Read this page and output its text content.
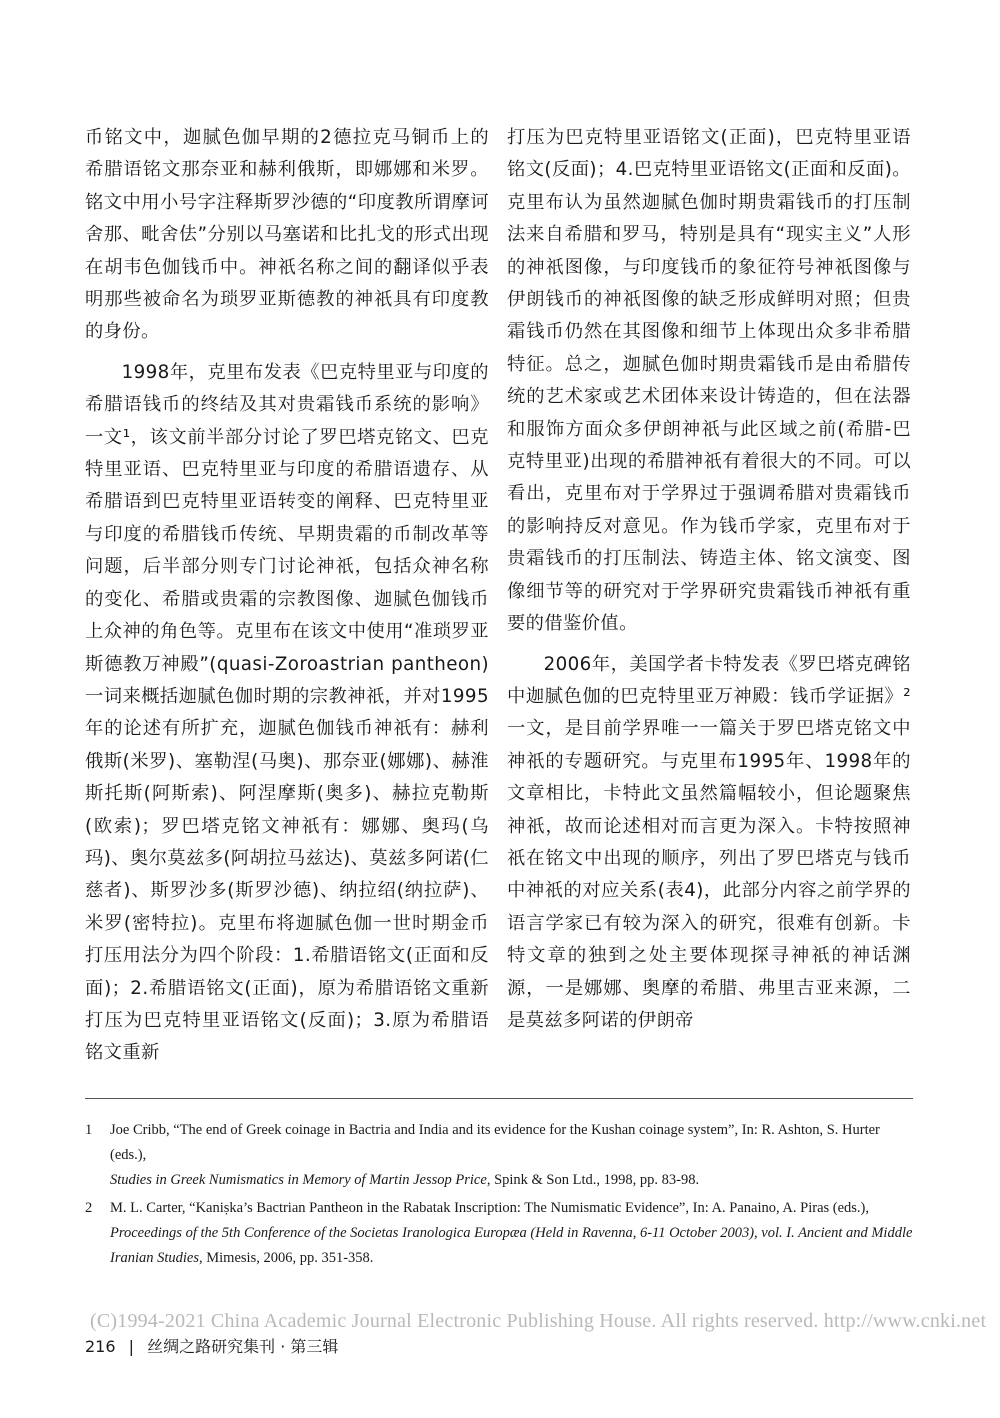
币铭文中，迦腻色伽早期的2德拉克马铜币上的希腊语铭文那奈亚和赫利俄斯，即娜娜和米罗。铭文中用小号字注释斯罗沙德的“印度教所谓摩诃舍那、毗舍佉”分别以马塞诺和比扎戈的形式出现在胡韦色伽钱币中。神祇名称之间的翻译似乎表明那些被命名为琐罗亚斯德教的神祇具有印度教的身份。

1998年，克里布发表《巴克特里亚与印度的希腊语钱币的终结及其对贵霜钱币系统的影响》一文¹，该文前半部分讨论了罗巴塔克铭文、巴克特里亚语、巴克特里亚与印度的希腊语遗存、从希腊语到巴克特里亚语转变的阐释、巴克特里亚与印度的希腊钱币传统、早期贵霜的币制改革等问题，后半部分则专门讨论神祇，包括众神名称的变化、希腊或贵霜的宗教图像、迦腻色伽钱币上众神的角色等。克里布在该文中使用“准琐罗亚斯德教万神殿”(quasi-Zoroastrian pantheon)一词来概括迦腻色伽时期的宗教神祇，并对1995年的论述有所扩充，迦腻色伽钱币神祇有：赫利俄斯(米罗)、塞勒涅(马奥)、那奈亚(娜娜)、赫淮斯托斯(阿斯索)、阿涅摩斯(奥多)、赫拉克勒斯(欧索)；罗巴塔克铭文神祇有：娜娜、奥玛(乌玛)、奥尔莫兹多(阿胡拉马兹达)、莫兹多阿诺(仁慈者)、斯罗沙多(斯罗沙德)、纳拉绍(纳拉萨)、米罗(密特拉)。克里布将迦腻色伽一世时期金币打压用法分为四个阶段：1.希腊语铭文(正面和反面)；2.希腊语铭文(正面)，原为希腊语铭文重新打压为巴克特里亚语铭文(反面)；3.原为希腊语铭文重新

打压为巴克特里亚语铭文(正面)，巴克特里亚语铭文(反面)；4.巴克特里亚语铭文(正面和反面)。克里布认为虽然迦腻色伽时期贵霜钱币的打压制法来自希腊和罗马，特别是具有“现实主义”人形的神祇图像，与印度钱币的象征符号神祇图像与伊朗钱币的神祇图像的缺乏形成鲜明对照；但贵霜钱币仍然在其图像和细节上体现出众多非希腊特征。总之，迦腻色伽时期贵霜钱币是由希腊传统的艺术家或艺术团体来设计铸造的，但在法器和服饰方面众多伊朗神祇与此区域之前(希腊-巴克特里亚)出现的希腊神祇有着很大的不同。可以看出，克里布对于学界过于强调希腊对贵霜钱币的影响持反对意见。作为钱币学家，克里布对于贵霜钱币的打压制法、铸造主体、铭文演变、图像细节等的研究对于学界研究贵霜钱币神祇有重要的借鉴价值。

2006年，美国学者卡特发表《罗巴塔克碑铭中迦腻色伽的巴克特里亚万神殿：钱币学证据》²一文，是目前学界唯一一篇关于罗巴塔克铭文中神祇的专题研究。与克里布1995年、1998年的文章相比，卡特此文虽然篇幅较小，但论题聚焦神祇，故而论述相对而言更为深入。卡特按照神祇在铭文中出现的顺序，列出了罗巴塔克与钱币中神祇的对应关系(表4)，此部分内容之前学界的语言学家已有较为深入的研究，很难有创新。卡特文章的独到之处主要体现探寻神祇的神话渊源，一是娜娜、奥摩的希腊、弗里吉亚来源，二是莫兹多阿诺的伊朗帝

1 Joe Cribb, “The end of Greek coinage in Bactria and India and its evidence for the Kushan coinage system”, In: R. Ashton, S. Hurter (eds.),
Studies in Greek Numismatics in Memory of Martin Jessop Price, Spink & Son Ltd., 1998, pp. 83-98.
2 M. L. Carter, “Kaniṣka’s Bactrian Pantheon in the Rabatak Inscription: The Numismatic Evidence”, In: A. Panaino, A. Piras (eds.),
Proceedings of the 5th Conference of the Societas Iranologica Europæa (Held in Ravenna, 6-11 October 2003), vol. I. Ancient and Middle Iranian Studies, Mimesis, 2006, pp. 351-358.
(C)1994-2021 China Academic Journal Electronic Publishing House. All rights reserved. http://www.cnki.net
216 | 丝绸之路研究集刊 · 第三辑
